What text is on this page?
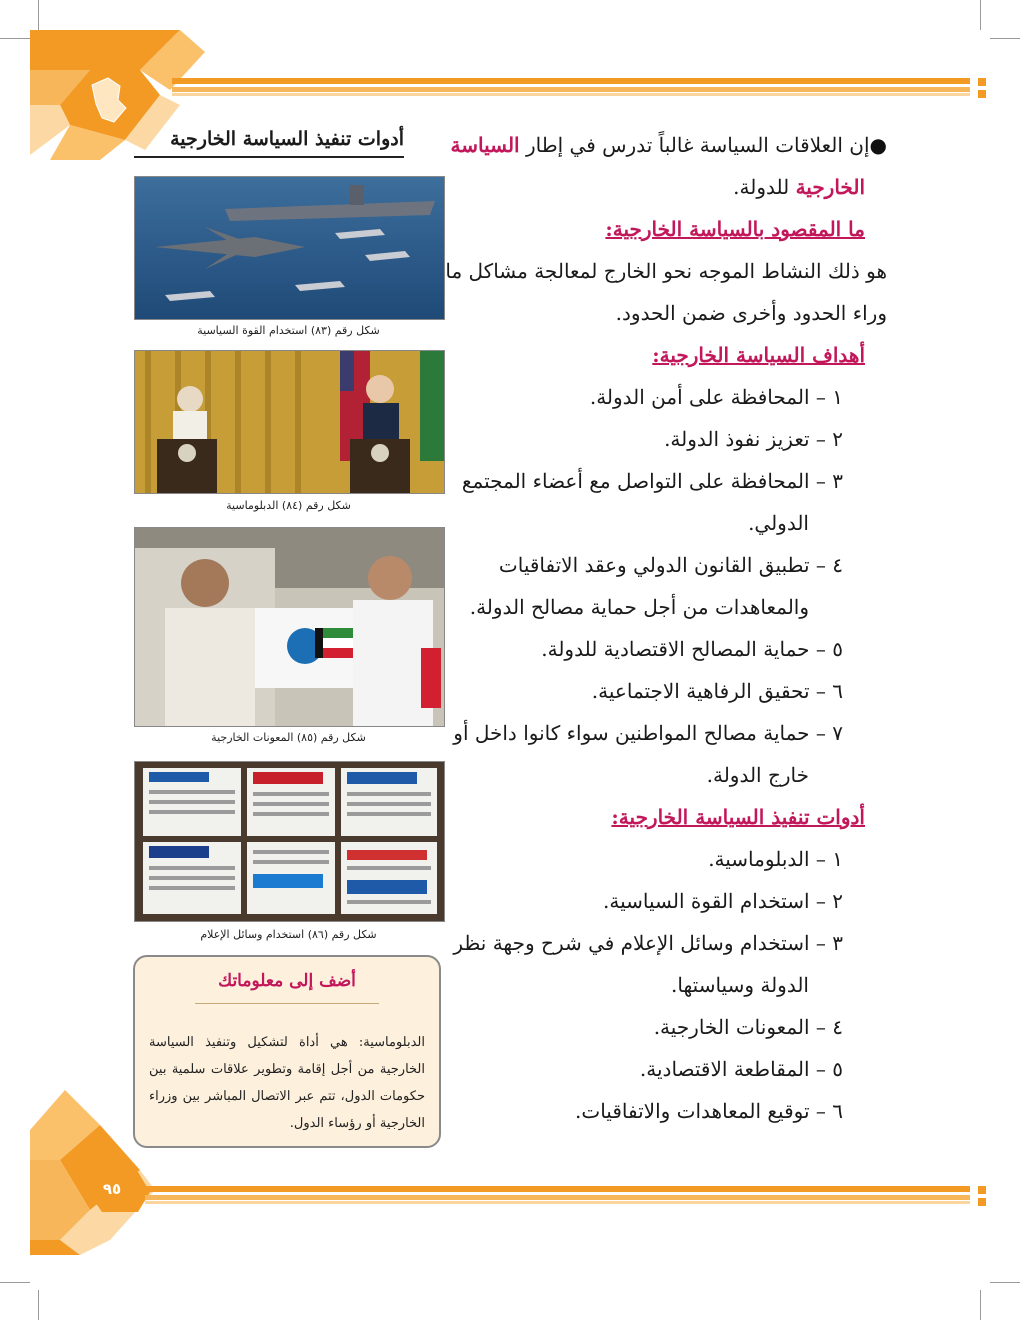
٩٥
●إن العلاقات السياسة غالباً تدرس في إطار السياسة
الخارجية للدولة.
ما المقصود بالسياسة الخارجية:
هو ذلك النشاط الموجه نحو الخارج لمعالجة مشاكل ما
وراء الحدود وأخرى ضمن الحدود.
أهداف السياسة الخارجية:
١ – المحافظة على أمن الدولة.
٢ – تعزيز نفوذ الدولة.
٣ – المحافظة على التواصل مع أعضاء المجتمع
الدولي.
٤ – تطبيق القانون الدولي وعقد الاتفاقيات
والمعاهدات من أجل حماية مصالح الدولة.
٥ – حماية المصالح الاقتصادية للدولة.
٦ – تحقيق الرفاهية الاجتماعية.
٧ – حماية مصالح المواطنين سواء كانوا داخل أو
خارج الدولة.
أدوات تنفيذ السياسة الخارجية:
١ – الدبلوماسية.
٢ – استخدام القوة السياسية.
٣ – استخدام وسائل الإعلام في شرح وجهة نظر
الدولة وسياستها.
٤ – المعونات الخارجية.
٥ – المقاطعة الاقتصادية.
٦ – توقيع المعاهدات والاتفاقيات.
أدوات تنفيذ السياسة الخارجية
شكل رقم (٨٣) استخدام القوة السياسية
شكل رقم (٨٤) الدبلوماسية
شكل رقم (٨٥) المعونات الخارجية
شكل رقم (٨٦) استخدام وسائل الإعلام
أضف إلى معلوماتك
الدبلوماسية: هي أداة لتشكيل وتنفيذ السياسة الخارجية من أجل إقامة وتطوير علاقات سلمية بين حكومات الدول، تتم عبر الاتصال المباشر بين وزراء الخارجية أو رؤساء الدول.
